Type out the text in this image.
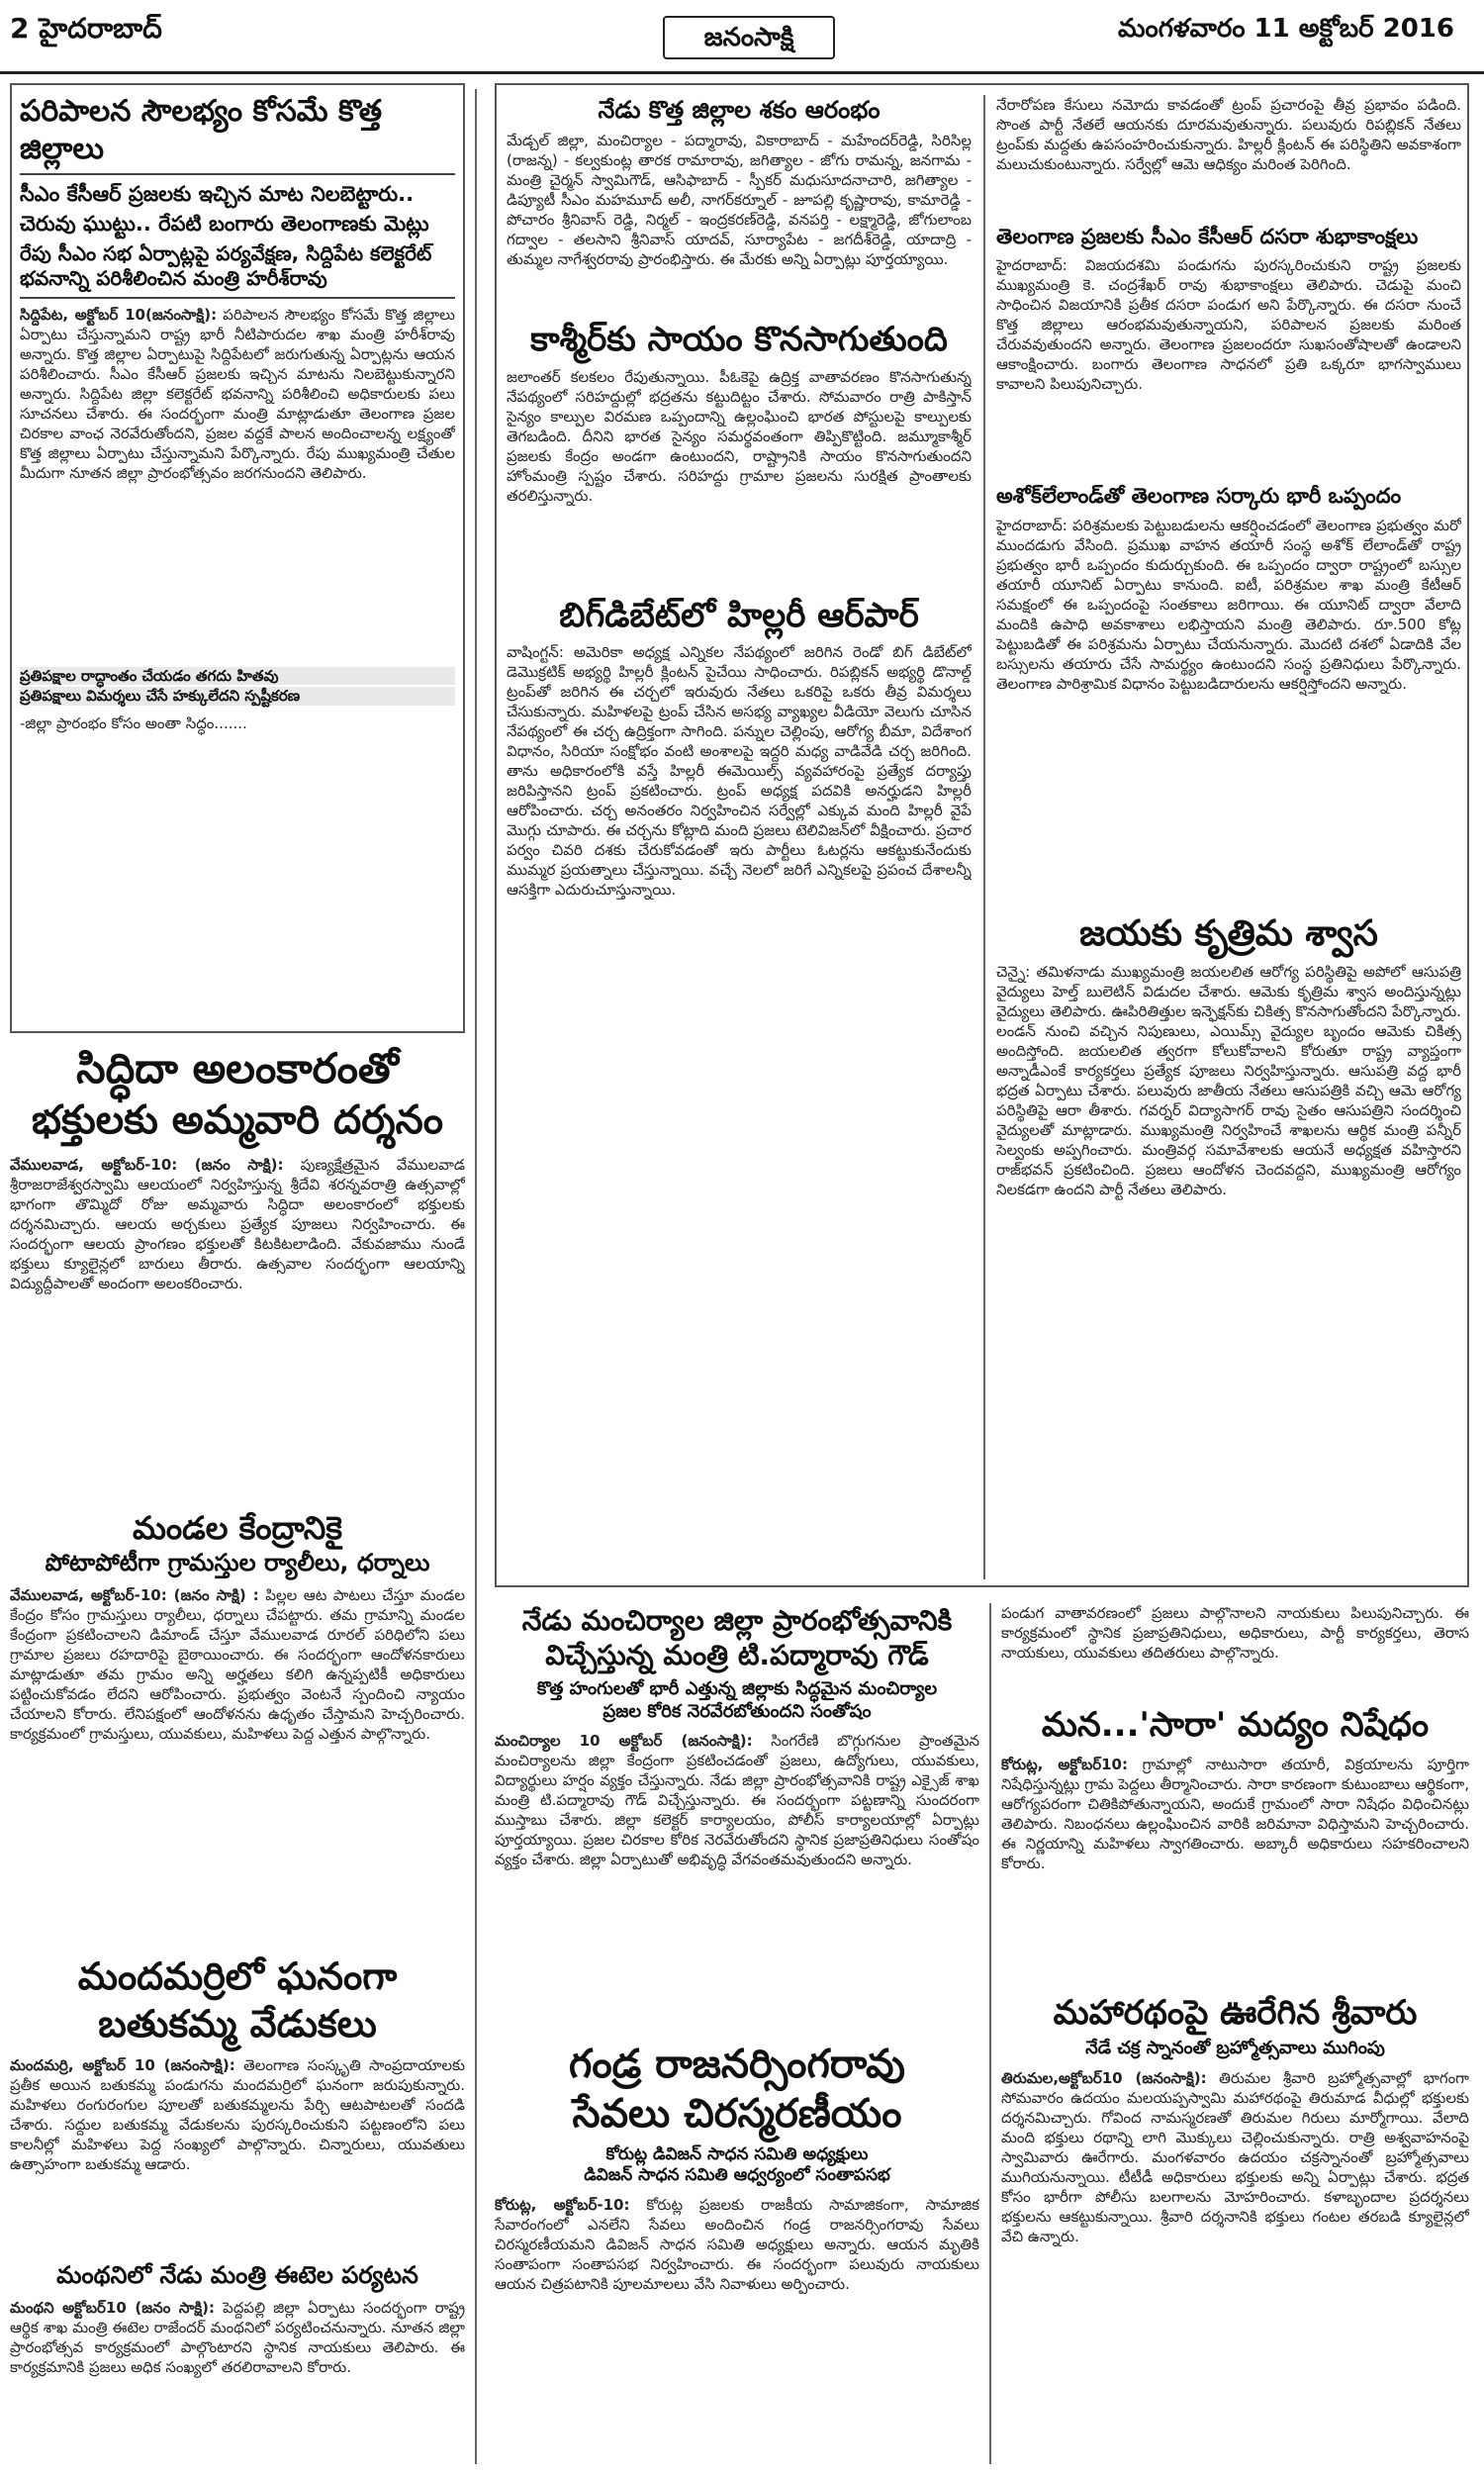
2 హైదరాబాద్	జనంసాక్షి	మంగళవారం 11 అక్టోబర్ 2016
పరిపాలన సౌలభ్యం కోసమే కొత్త జిల్లాలు
సీఎం కేసీఆర్ ప్రజలకు ఇచ్చిన మాట నిలబెట్టారు..
చెరువు ఘుట్టు.. రేపటి బంగారు తెలంగాణకు మెట్లు
రేపు సీఎం సభ ఏర్పాట్లపై పర్యవేక్షణ, సిద్దిపేట కలెక్టరేట్ భవనాన్ని పరిశీలించిన మంత్రి హరీశ్‌రావు
సిద్దిపేట, అక్టోబర్ 10(జనంసాక్షి): పరిపాలన సౌలభ్యం కోసమే కొత్త జిల్లాలు ఏర్పాటు చేస్తున్నామని రాష్ట్ర భారీ నీటిపారుదల శాఖ మంత్రి హరీశ్‌రావు అన్నారు. కొత్త జిల్లాల ఏర్పాటుపై సిద్దిపేటలో జరుగుతున్న ఏర్పాట్లను ఆయన పరిశీలించారు. సీఎం కేసీఆర్ ప్రజలకు ఇచ్చిన మాటను నిలబెట్టుకున్నారని అన్నారు. సిద్దిపేట జిల్లా కలెక్టరేట్ భవనాన్ని పరిశీలించి అధికారులకు పలు సూచనలు చేశారు. ఈ సందర్భంగా మంత్రి మాట్లాడుతూ తెలంగాణ ప్రజల చిరకాల వాంఛ నెరవేరుతోందని, ప్రజల వద్దకే పాలన అందించాలన్న లక్ష్యంతో కొత్త జిల్లాలు ఏర్పాటు చేస్తున్నామని పేర్కొన్నారు. రేపు ముఖ్యమంత్రి చేతుల మీదుగా నూతన జిల్లా ప్రారంభోత్సవం జరగనుందని తెలిపారు.
ప్రతిపక్షాల రాద్ధాంతం చేయడం తగదు హితవు
ప్రతిపక్షాలు విమర్శలు చేసే హక్కులేదని స్పష్టీకరణ
-జిల్లా ప్రారంభం కోసం అంతా సిద్ధం.......
సిద్ధిదా అలంకారంతో
భక్తులకు అమ్మవారి దర్శనం
వేములవాడ, అక్టోబర్-10: (జనం సాక్షి): పుణ్యక్షేత్రమైన వేములవాడ శ్రీరాజరాజేశ్వరస్వామి ఆలయంలో నిర్వహిస్తున్న శ్రీదేవి శరన్నవరాత్రి ఉత్సవాల్లో భాగంగా తొమ్మిదో రోజు అమ్మవారు సిద్ధిదా అలంకారంలో భక్తులకు దర్శనమిచ్చారు. ఆలయ అర్చకులు ప్రత్యేక పూజలు నిర్వహించారు. ఈ సందర్భంగా ఆలయ ప్రాంగణం భక్తులతో కిటకిటలాడింది. వేకువజాము నుండే భక్తులు క్యూలైన్లలో బారులు తీరారు. ఉత్సవాల సందర్భంగా ఆలయాన్ని విద్యుద్దీపాలతో అందంగా అలంకరించారు.
మండల కేంద్రానికై
పోటాపోటీగా గ్రామస్తుల ర్యాలీలు, ధర్నాలు
వేములవాడ, అక్టోబర్-10: (జనం సాక్షి) : పిల్లల ఆట పాటలు చేస్తూ మండల కేంద్రం కోసం గ్రామస్తులు ర్యాలీలు, ధర్నాలు చేపట్టారు. తమ గ్రామాన్ని మండల కేంద్రంగా ప్రకటించాలని డిమాండ్ చేస్తూ వేములవాడ రూరల్ పరిధిలోని పలు గ్రామాల ప్రజలు రహదారిపై బైఠాయించారు. ఈ సందర్భంగా ఆందోళనకారులు మాట్లాడుతూ తమ గ్రామం అన్ని అర్హతలు కలిగి ఉన్నప్పటికీ అధికారులు పట్టించుకోవడం లేదని ఆరోపించారు. ప్రభుత్వం వెంటనే స్పందించి న్యాయం చేయాలని కోరారు. లేనిపక్షంలో ఆందోళనను ఉధృతం చేస్తామని హెచ్చరించారు. కార్యక్రమంలో గ్రామస్తులు, యువకులు, మహిళలు పెద్ద ఎత్తున పాల్గొన్నారు.
మందమర్రిలో ఘనంగా
బతుకమ్మ వేడుకలు
మందమర్రి, అక్టోబర్ 10 (జనంసాక్షి): తెలంగాణ సంస్కృతి సాంప్రదాయాలకు ప్రతీక అయిన బతుకమ్మ పండుగను మందమర్రిలో ఘనంగా జరుపుకున్నారు. మహిళలు రంగురంగుల పూలతో బతుకమ్మలను పేర్చి ఆటపాటలతో సందడి చేశారు. సద్దుల బతుకమ్మ వేడుకలను పురస్కరించుకుని పట్టణంలోని పలు కాలనీల్లో మహిళలు పెద్ద సంఖ్యలో పాల్గొన్నారు. చిన్నారులు, యువతులు ఉత్సాహంగా బతుకమ్మ ఆడారు.
మంథనిలో నేడు మంత్రి ఈటెల పర్యటన
మంథని అక్టోబర్10 (జనం సాక్షి): పెద్దపల్లి జిల్లా ఏర్పాటు సందర్భంగా రాష్ట్ర ఆర్థిక శాఖ మంత్రి ఈటెల రాజేందర్ మంథనిలో పర్యటించనున్నారు. నూతన జిల్లా ప్రారంభోత్సవ కార్యక్రమంలో పాల్గొంటారని స్థానిక నాయకులు తెలిపారు. ఈ కార్యక్రమానికి ప్రజలు అధిక సంఖ్యలో తరలిరావాలని కోరారు.
నేడు కొత్త జిల్లాల శకం ఆరంభం
మేడ్చల్ జిల్లా, మంచిర్యాల - పద్మారావు, వికారాబాద్ - మహేందర్‌రెడ్డి, సిరిసిల్ల (రాజన్న) - కల్వకుంట్ల తారక రామారావు, జగిత్యాల - జోగు రామన్న, జనగామ - మంత్రి చైర్మన్ స్వామిగౌడ్, ఆసిఫాబాద్ - స్పీకర్ మధుసూదనాచారి, జగిత్యాల - డిప్యూటీ సీఎం మహమూద్ అలీ, నాగర్‌కర్నూల్ - జూపల్లి కృష్ణారావు, కామారెడ్డి - పోచారం శ్రీనివాస్ రెడ్డి, నిర్మల్ - ఇంద్రకరణ్‌రెడ్డి, వనపర్తి - లక్ష్మారెడ్డి, జోగులాంబ గద్వాల - తలసాని శ్రీనివాస్ యాదవ్, సూర్యాపేట - జగదీశ్‌రెడ్డి, యాదాద్రి - తుమ్మల నాగేశ్వరరావు ప్రారంభిస్తారు. ఈ మేరకు అన్ని ఏర్పాట్లు పూర్తయ్యాయి.
కాశ్మీర్‌కు సాయం కొనసాగుతుంది
జలాంతర్ కలకలం రేపుతున్నాయి. పీఓకెపై ఉద్రిక్త వాతావరణం కొనసాగుతున్న నేపథ్యంలో సరిహద్దుల్లో భద్రతను కట్టుదిట్టం చేశారు. సోమవారం రాత్రి పాకిస్తాన్ సైన్యం కాల్పుల విరమణ ఒప్పందాన్ని ఉల్లంఘించి భారత పోస్టులపై కాల్పులకు తెగబడింది. దీనిని భారత సైన్యం సమర్థవంతంగా తిప్పికొట్టింది. జమ్మూకాశ్మీర్ ప్రజలకు కేంద్రం అండగా ఉంటుందని, రాష్ట్రానికి సాయం కొనసాగుతుందని హోంమంత్రి స్పష్టం చేశారు. సరిహద్దు గ్రామాల ప్రజలను సురక్షిత ప్రాంతాలకు తరలిస్తున్నారు.
బిగ్‌డిబేట్‌లో హిల్లరీ ఆర్‌పార్
వాషింగ్టన్: అమెరికా అధ్యక్ష ఎన్నికల నేపథ్యంలో జరిగిన రెండో బిగ్ డిబేట్‌లో డెమొక్రటిక్ అభ్యర్థి హిల్లరీ క్లింటన్ పైచేయి సాధించారు. రిపబ్లికన్ అభ్యర్థి డొనాల్డ్ ట్రంప్‌తో జరిగిన ఈ చర్చలో ఇరువురు నేతలు ఒకరిపై ఒకరు తీవ్ర విమర్శలు చేసుకున్నారు. మహిళలపై ట్రంప్ చేసిన అసభ్య వ్యాఖ్యల వీడియో వెలుగు చూసిన నేపథ్యంలో ఈ చర్చ ఉద్రిక్తంగా సాగింది. పన్నుల చెల్లింపు, ఆరోగ్య బీమా, విదేశాంగ విధానం, సిరియా సంక్షోభం వంటి అంశాలపై ఇద్దరి మధ్య వాడివేడి చర్చ జరిగింది. తాను అధికారంలోకి వస్తే హిల్లరీ ఈమెయిల్స్ వ్యవహారంపై ప్రత్యేక దర్యాప్తు జరిపిస్తానని ట్రంప్ ప్రకటించారు. ట్రంప్ అధ్యక్ష పదవికి అనర్హుడని హిల్లరీ ఆరోపించారు. చర్చ అనంతరం నిర్వహించిన సర్వేల్లో ఎక్కువ మంది హిల్లరీ వైపే మొగ్గు చూపారు. ఈ చర్చను కోట్లాది మంది ప్రజలు టెలివిజన్‌లో వీక్షించారు. ప్రచార పర్వం చివరి దశకు చేరుకోవడంతో ఇరు పార్టీలు ఓటర్లను ఆకట్టుకునేందుకు ముమ్మర ప్రయత్నాలు చేస్తున్నాయి. వచ్చే నెలలో జరిగే ఎన్నికలపై ప్రపంచ దేశాలన్నీ ఆసక్తిగా ఎదురుచూస్తున్నాయి.
నేరారోపణ కేసులు నమోదు కావడంతో ట్రంప్ ప్రచారంపై తీవ్ర ప్రభావం పడింది. సొంత పార్టీ నేతలే ఆయనకు దూరమవుతున్నారు. పలువురు రిపబ్లికన్ నేతలు ట్రంప్‌కు మద్దతు ఉపసంహరించుకున్నారు. హిల్లరీ క్లింటన్ ఈ పరిస్థితిని అవకాశంగా మలుచుకుంటున్నారు. సర్వేల్లో ఆమె ఆధిక్యం మరింత పెరిగింది.
తెలంగాణ ప్రజలకు సీఎం కేసీఆర్ దసరా శుభాకాంక్షలు
హైదరాబాద్: విజయదశమి పండుగను పురస్కరించుకుని రాష్ట్ర ప్రజలకు ముఖ్యమంత్రి కె. చంద్రశేఖర్ రావు శుభాకాంక్షలు తెలిపారు. చెడుపై మంచి సాధించిన విజయానికి ప్రతీక దసరా పండుగ అని పేర్కొన్నారు. ఈ దసరా నుంచే కొత్త జిల్లాలు ఆరంభమవుతున్నాయని, పరిపాలన ప్రజలకు మరింత చేరువవుతుందని అన్నారు. తెలంగాణ ప్రజలందరూ సుఖసంతోషాలతో ఉండాలని ఆకాంక్షించారు. బంగారు తెలంగాణ సాధనలో ప్రతి ఒక్కరూ భాగస్వాములు కావాలని పిలుపునిచ్చారు.
అశోక్‌లేలాండ్‌తో తెలంగాణ సర్కారు భారీ ఒప్పందం
హైదరాబాద్: పరిశ్రమలకు పెట్టుబడులను ఆకర్షించడంలో తెలంగాణ ప్రభుత్వం మరో ముందడుగు వేసింది. ప్రముఖ వాహన తయారీ సంస్థ అశోక్ లేలాండ్‌తో రాష్ట్ర ప్రభుత్వం భారీ ఒప్పందం కుదుర్చుకుంది. ఈ ఒప్పందం ద్వారా రాష్ట్రంలో బస్సుల తయారీ యూనిట్ ఏర్పాటు కానుంది. ఐటీ, పరిశ్రమల శాఖ మంత్రి కేటీఆర్ సమక్షంలో ఈ ఒప్పందంపై సంతకాలు జరిగాయి. ఈ యూనిట్ ద్వారా వేలాది మందికి ఉపాధి అవకాశాలు లభిస్తాయని మంత్రి తెలిపారు. రూ.500 కోట్ల పెట్టుబడితో ఈ పరిశ్రమను ఏర్పాటు చేయనున్నారు. మొదటి దశలో ఏడాదికి వేల బస్సులను తయారు చేసే సామర్థ్యం ఉంటుందని సంస్థ ప్రతినిధులు పేర్కొన్నారు. తెలంగాణ పారిశ్రామిక విధానం పెట్టుబడిదారులను ఆకర్షిస్తోందని అన్నారు.
జయకు కృత్రిమ శ్వాస
చెన్నై: తమిళనాడు ముఖ్యమంత్రి జయలలిత ఆరోగ్య పరిస్థితిపై అపోలో ఆసుపత్రి వైద్యులు హెల్త్ బులెటిన్ విడుదల చేశారు. ఆమెకు కృత్రిమ శ్వాస అందిస్తున్నట్లు వైద్యులు తెలిపారు. ఊపిరితిత్తుల ఇన్ఫెక్షన్‌కు చికిత్స కొనసాగుతోందని పేర్కొన్నారు. లండన్ నుంచి వచ్చిన నిపుణులు, ఎయిమ్స్ వైద్యుల బృందం ఆమెకు చికిత్స అందిస్తోంది. జయలలిత త్వరగా కోలుకోవాలని కోరుతూ రాష్ట్ర వ్యాప్తంగా అన్నాడీఎంకే కార్యకర్తలు ప్రత్యేక పూజలు నిర్వహిస్తున్నారు. ఆసుపత్రి వద్ద భారీ భద్రత ఏర్పాటు చేశారు. పలువురు జాతీయ నేతలు ఆసుపత్రికి వచ్చి ఆమె ఆరోగ్య పరిస్థితిపై ఆరా తీశారు. గవర్నర్ విద్యాసాగర్ రావు సైతం ఆసుపత్రిని సందర్శించి వైద్యులతో మాట్లాడారు. ముఖ్యమంత్రి నిర్వహించే శాఖలను ఆర్థిక మంత్రి పన్నీర్ సెల్వంకు అప్పగించారు. మంత్రివర్గ సమావేశాలకు ఆయనే అధ్యక్షత వహిస్తారని రాజ్‌భవన్ ప్రకటించింది. ప్రజలు ఆందోళన చెందవద్దని, ముఖ్యమంత్రి ఆరోగ్యం నిలకడగా ఉందని పార్టీ నేతలు తెలిపారు.
నేడు మంచిర్యాల జిల్లా ప్రారంభోత్సవానికి
విచ్చేస్తున్న మంత్రి టి.పద్మారావు గౌడ్
కొత్త హంగులతో భారీ ఎత్తున్న జిల్లాకు సిద్ధమైన మంచిర్యాల
ప్రజల కోరిక నెరవేరబోతుందని సంతోషం
మంచిర్యాల 10 అక్టోబర్ (జనంసాక్షి): సింగరేణి బొగ్గుగనుల ప్రాంతమైన మంచిర్యాలను జిల్లా కేంద్రంగా ప్రకటించడంతో ప్రజలు, ఉద్యోగులు, యువకులు, విద్యార్థులు హర్షం వ్యక్తం చేస్తున్నారు. నేడు జిల్లా ప్రారంభోత్సవానికి రాష్ట్ర ఎక్సైజ్ శాఖ మంత్రి టి.పద్మారావు గౌడ్ విచ్చేస్తున్నారు. ఈ సందర్భంగా పట్టణాన్ని సుందరంగా ముస్తాబు చేశారు. జిల్లా కలెక్టర్ కార్యాలయం, పోలీస్ కార్యాలయాల్లో ఏర్పాట్లు పూర్తయ్యాయి. ప్రజల చిరకాల కోరిక నెరవేరుతోందని స్థానిక ప్రజాప్రతినిధులు సంతోషం వ్యక్తం చేశారు. జిల్లా ఏర్పాటుతో అభివృద్ధి వేగవంతమవుతుందని అన్నారు.
గండ్ర రాజనర్సింగరావు
సేవలు చిరస్మరణీయం
కోరుట్ల డివిజన్ సాధన సమితి అధ్యక్షులు
డివిజన్ సాధన సమితి ఆధ్వర్యంలో సంతాపసభ
కోరుట్ల, అక్టోబర్-10: కోరుట్ల ప్రజలకు రాజకీయ సామాజికంగా, సామాజిక సేవారంగంలో ఎనలేని సేవలు అందించిన గండ్ర రాజనర్సింగరావు సేవలు చిరస్మరణీయమని డివిజన్ సాధన సమితి అధ్యక్షులు అన్నారు. ఆయన మృతికి సంతాపంగా సంతాపసభ నిర్వహించారు. ఈ సందర్భంగా పలువురు నాయకులు ఆయన చిత్రపటానికి పూలమాలలు వేసి నివాళులు అర్పించారు.
పండుగ వాతావరణంలో ప్రజలు పాల్గొనాలని నాయకులు పిలుపునిచ్చారు. ఈ కార్యక్రమంలో స్థానిక ప్రజాప్రతినిధులు, అధికారులు, పార్టీ కార్యకర్తలు, తెరాస నాయకులు, యువకులు తదితరులు పాల్గొన్నారు.
మన...'సారా' మద్యం నిషేధం
కోరుట్ల, అక్టోబర్10: గ్రామాల్లో నాటుసారా తయారీ, విక్రయాలను పూర్తిగా నిషేధిస్తున్నట్లు గ్రామ పెద్దలు తీర్మానించారు. సారా కారణంగా కుటుంబాలు ఆర్థికంగా, ఆరోగ్యపరంగా చితికిపోతున్నాయని, అందుకే గ్రామంలో సారా నిషేధం విధించినట్లు తెలిపారు. నిబంధనలు ఉల్లంఘించిన వారికి జరిమానా విధిస్తామని హెచ్చరించారు. ఈ నిర్ణయాన్ని మహిళలు స్వాగతించారు. అబ్కారీ అధికారులు సహకరించాలని కోరారు.
మహారథంపై ఊరేగిన శ్రీవారు
నేడే చక్ర స్నానంతో బ్రహ్మోత్సవాలు ముగింపు
తిరుమల,అక్టోబర్10 (జనంసాక్షి): తిరుమల శ్రీవారి బ్రహ్మోత్సవాల్లో భాగంగా సోమవారం ఉదయం మలయప్పస్వామి మహారథంపై తిరుమాడ వీధుల్లో భక్తులకు దర్శనమిచ్చారు. గోవింద నామస్మరణతో తిరుమల గిరులు మార్మోగాయి. వేలాది మంది భక్తులు రథాన్ని లాగి మొక్కులు చెల్లించుకున్నారు. రాత్రి అశ్వవాహనంపై స్వామివారు ఊరేగారు. మంగళవారం ఉదయం చక్రస్నానంతో బ్రహ్మోత్సవాలు ముగియనున్నాయి. టీటీడీ అధికారులు భక్తులకు అన్ని ఏర్పాట్లు చేశారు. భద్రత కోసం భారీగా పోలీసు బలగాలను మోహరించారు. కళాబృందాల ప్రదర్శనలు భక్తులను ఆకట్టుకున్నాయి. శ్రీవారి దర్శనానికి భక్తులు గంటల తరబడి క్యూలైన్లలో వేచి ఉన్నారు.
